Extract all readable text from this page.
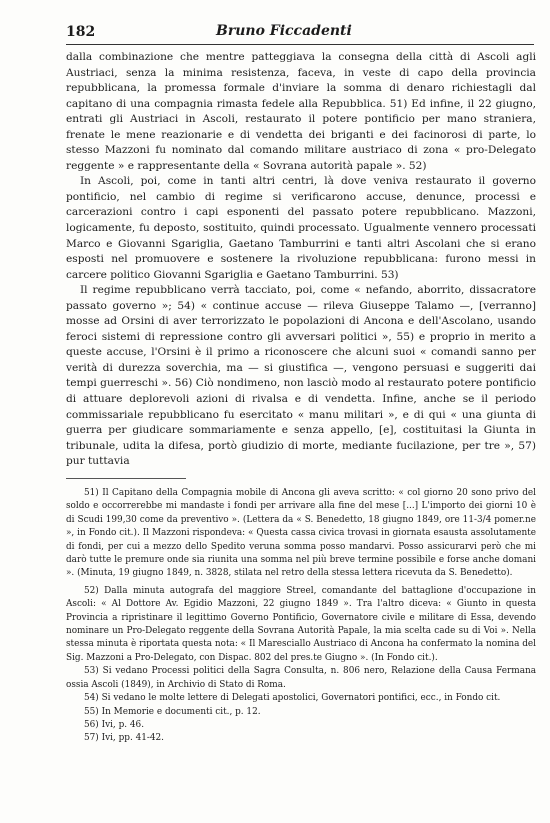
182	Bruno Ficcadenti

dalla combinazione che mentre patteggiava la consegna della città di Ascoli agli Austriaci, senza la minima resistenza, faceva, in veste di capo della provincia repubblicana, la promessa formale d'inviare la somma di denaro richiestagli dal capitano di una compagnia rimasta fedele alla Repubblica. 51) Ed infine, il 22 giugno, entrati gli Austriaci in Ascoli, restaurato il potere pontificio per mano straniera, frenate le mene reazionarie e di vendetta dei briganti e dei facinorosi di parte, lo stesso Mazzoni fu nominato dal comando militare austriaco di zona « pro-Delegato reggente » e rappresentante della « Sovrana autorità papale ». 52)

In Ascoli, poi, come in tanti altri centri, là dove veniva restaurato il governo pontificio, nel cambio di regime si verificarono accuse, denunce, processi e carcerazioni contro i capi esponenti del passato potere repubblicano. Mazzoni, logicamente, fu deposto, sostituito, quindi processato. Ugualmente vennero processati Marco e Giovanni Sgariglia, Gaetano Tamburrini e tanti altri Ascolani che si erano esposti nel promuovere e sostenere la rivoluzione repubblicana: furono messi in carcere politico Giovanni Sgariglia e Gaetano Tamburrini. 53)

Il regime repubblicano verrà tacciato, poi, come « nefando, aborrito, dissacratore passato governo »; 54) « continue accuse — rileva Giuseppe Talamo —, [verranno] mosse ad Orsini di aver terrorizzato le popolazioni di Ancona e dell'Ascolano, usando feroci sistemi di repressione contro gli avversari politici », 55) e proprio in merito a queste accuse, l'Orsini è il primo a riconoscere che alcuni suoi « comandi sanno per verità di durezza soverchia, ma — si giustifica —, vengono persuasi e suggeriti dai tempi guerreschi ». 56) Ciò nondimeno, non lasciò modo al restaurato potere pontificio di attuare deplorevoli azioni di rivalsa e di vendetta. Infine, anche se il periodo commissariale repubblicano fu esercitato « manu militari », e di qui « una giunta di guerra per giudicare sommariamente e senza appello, [e], costituitasi la Giunta in tribunale, udita la difesa, portò giudizio di morte, mediante fucilazione, per tre », 57) pur tuttavia

51) Il Capitano della Compagnia mobile di Ancona gli aveva scritto: « col giorno 20 sono privo del soldo e occorrerebbe mi mandaste i fondi per arrivare alla fine del mese [...] L'importo dei giorni 10 è di Scudi 199,30 come da preventivo ». (Lettera da « S. Benedetto, 18 giugno 1849, ore 11-3/4 pomer.ne », in Fondo cit.). Il Mazzoni rispondeva: « Questa cassa civica trovasi in giornata esausta assolutamente di fondi, per cui a mezzo dello Spedito veruna somma posso mandarvi. Posso assicurarvi però che mi darò tutte le premure onde sia riunita una somma nel più breve termine possibile e forse anche domani ». (Minuta, 19 giugno 1849, n. 3828, stilata nel retro della stessa lettera ricevuta da S. Benedetto).

52) Dalla minuta autografa del maggiore Streel, comandante del battaglione d'occupazione in Ascoli: « Al Dottore Av. Egidio Mazzoni, 22 giugno 1849 ». Tra l'altro diceva: « Giunto in questa Provincia a ripristinare il legittimo Governo Pontificio, Governatore civile e militare di Essa, devendo nominare un Pro-Delegato reggente della Sovrana Autorità Papale, la mia scelta cade su di Voi ». Nella stessa minuta è riportata questa nota: « Il Maresciallo Austriaco di Ancona ha confermato la nomina del Sig. Mazzoni a Pro-Delegato, con Dispac. 802 del pres.te Giugno ». (In Fondo cit.).

53) Si vedano Processi politici della Sagra Consulta, n. 806 nero, Relazione della Causa Fermana ossia Ascoli (1849), in Archivio di Stato di Roma.

54) Si vedano le molte lettere di Delegati apostolici, Governatori pontifici, ecc., in Fondo cit.

55) In Memorie e documenti cit., p. 12.

56) Ivi, p. 46.

57) Ivi, pp. 41-42.
